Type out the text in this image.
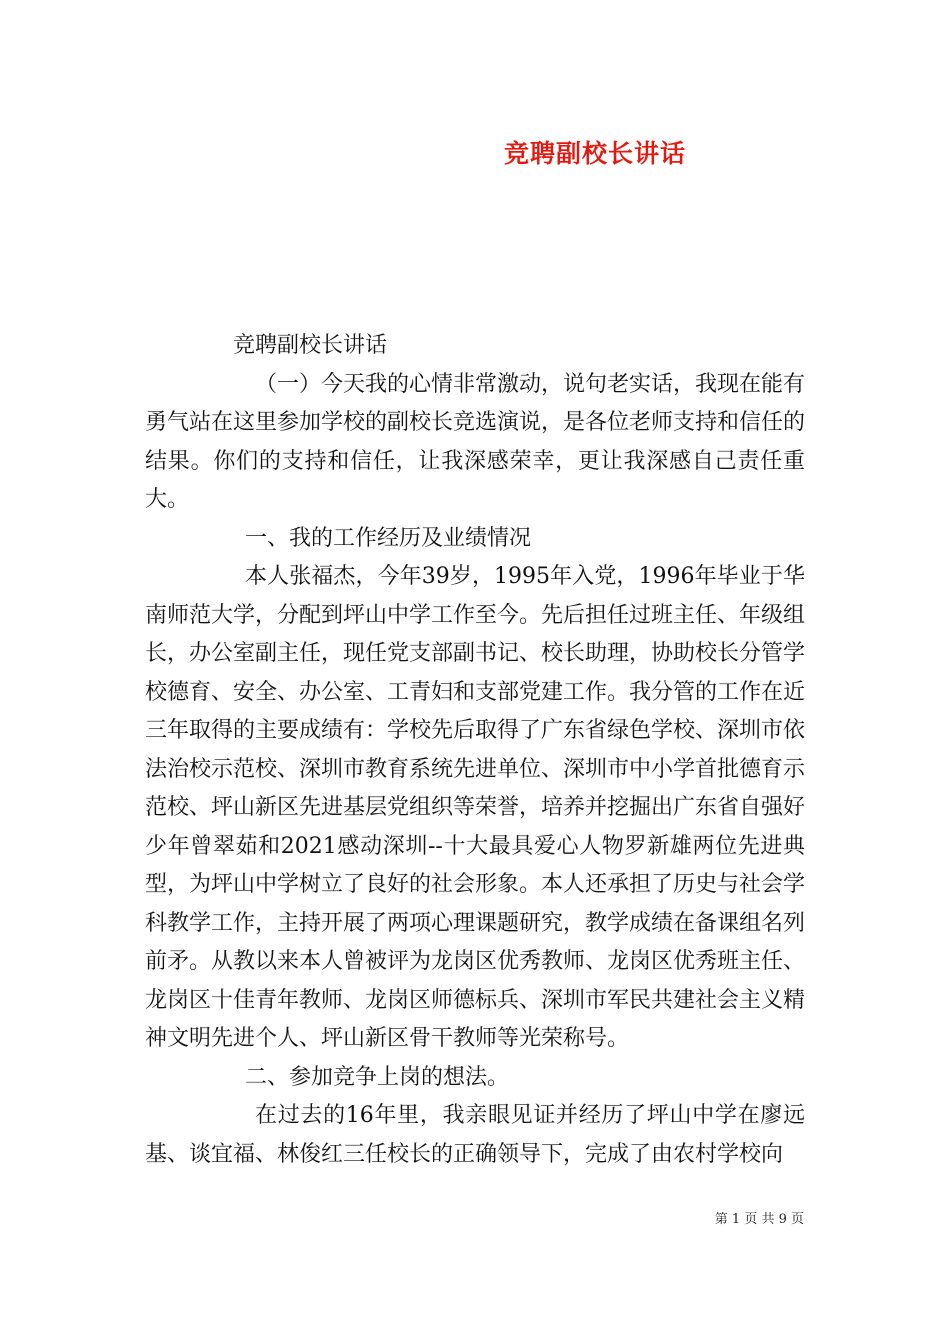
竞聘副校长讲话

竞聘副校长讲话

（一）今天我的心情非常激动，说句老实话，我现在能有勇气站在这里参加学校的副校长竞选演说，是各位老师支持和信任的结果。你们的支持和信任，让我深感荣幸，更让我深感自己责任重大。

一、我的工作经历及业绩情况

本人张福杰，今年39岁，1995年入党，1996年毕业于华南师范大学，分配到坪山中学工作至今。先后担任过班主任、年级组长，办公室副主任，现任党支部副书记、校长助理，协助校长分管学校德育、安全、办公室、工青妇和支部党建工作。我分管的工作在近三年取得的主要成绩有：学校先后取得了广东省绿色学校、深圳市依法治校示范校、深圳市教育系统先进单位、深圳市中小学首批德育示范校、坪山新区先进基层党组织等荣誉，培养并挖掘出广东省自强好少年曾翠茹和2021感动深圳--十大最具爱心人物罗新雄两位先进典型，为坪山中学树立了良好的社会形象。本人还承担了历史与社会学科教学工作，主持开展了两项心理课题研究，教学成绩在备课组名列前矛。从教以来本人曾被评为龙岗区优秀教师、龙岗区优秀班主任、龙岗区十佳青年教师、龙岗区师德标兵、深圳市军民共建社会主义精神文明先进个人、坪山新区骨干教师等光荣称号。

二、参加竞争上岗的想法。

在过去的16年里，我亲眼见证并经历了坪山中学在廖远基、谈宜福、林俊红三任校长的正确领导下，完成了由农村学校向

第 1 页 共 9 页
